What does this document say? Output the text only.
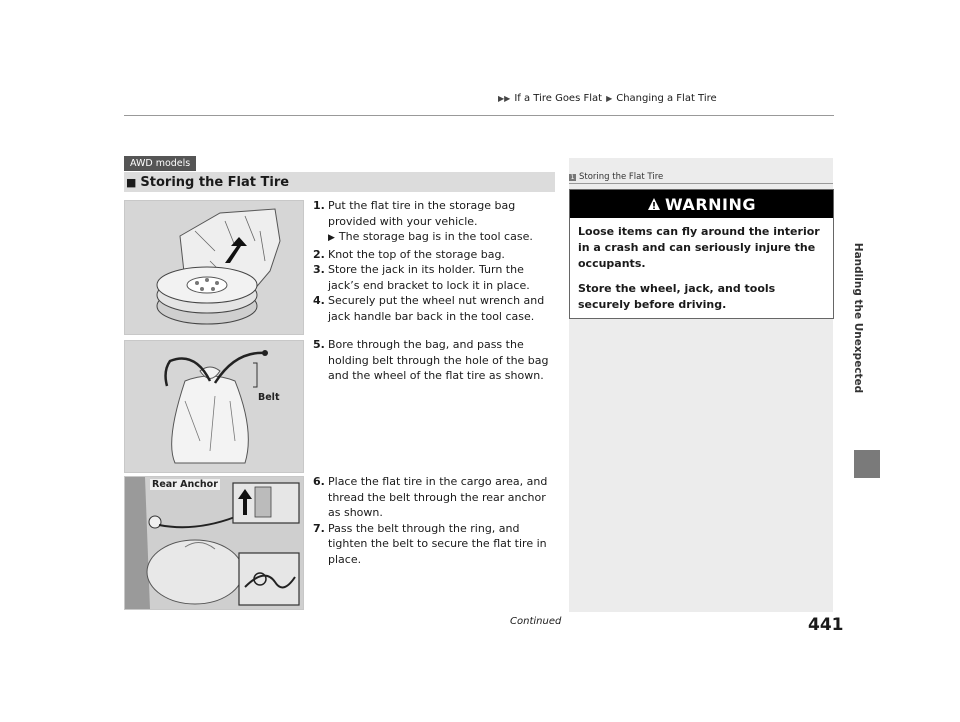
▶▶ If a Tire Goes Flat ▶ Changing a Flat Tire
Handling the Unexpected
AWD models
■ Storing the Flat Tire
Belt
Rear Anchor
1. Put the flat tire in the storage bag provided with your vehicle.
▶ The storage bag is in the tool case.
2. Knot the top of the storage bag.
3. Store the jack in its holder. Turn the jack’s end bracket to lock it in place.
4. Securely put the wheel nut wrench and jack handle bar back in the tool case.
5. Bore through the bag, and pass the holding belt through the hole of the bag and the wheel of the flat tire as shown.
6. Place the flat tire in the cargo area, and thread the belt through the rear anchor as shown.
7. Pass the belt through the ring, and tighten the belt to secure the flat tire in place.
1 Storing the Flat Tire
WARNING

Loose items can fly around the interior in a crash and can seriously injure the occupants.

Store the wheel, jack, and tools securely before driving.

Continued	441
